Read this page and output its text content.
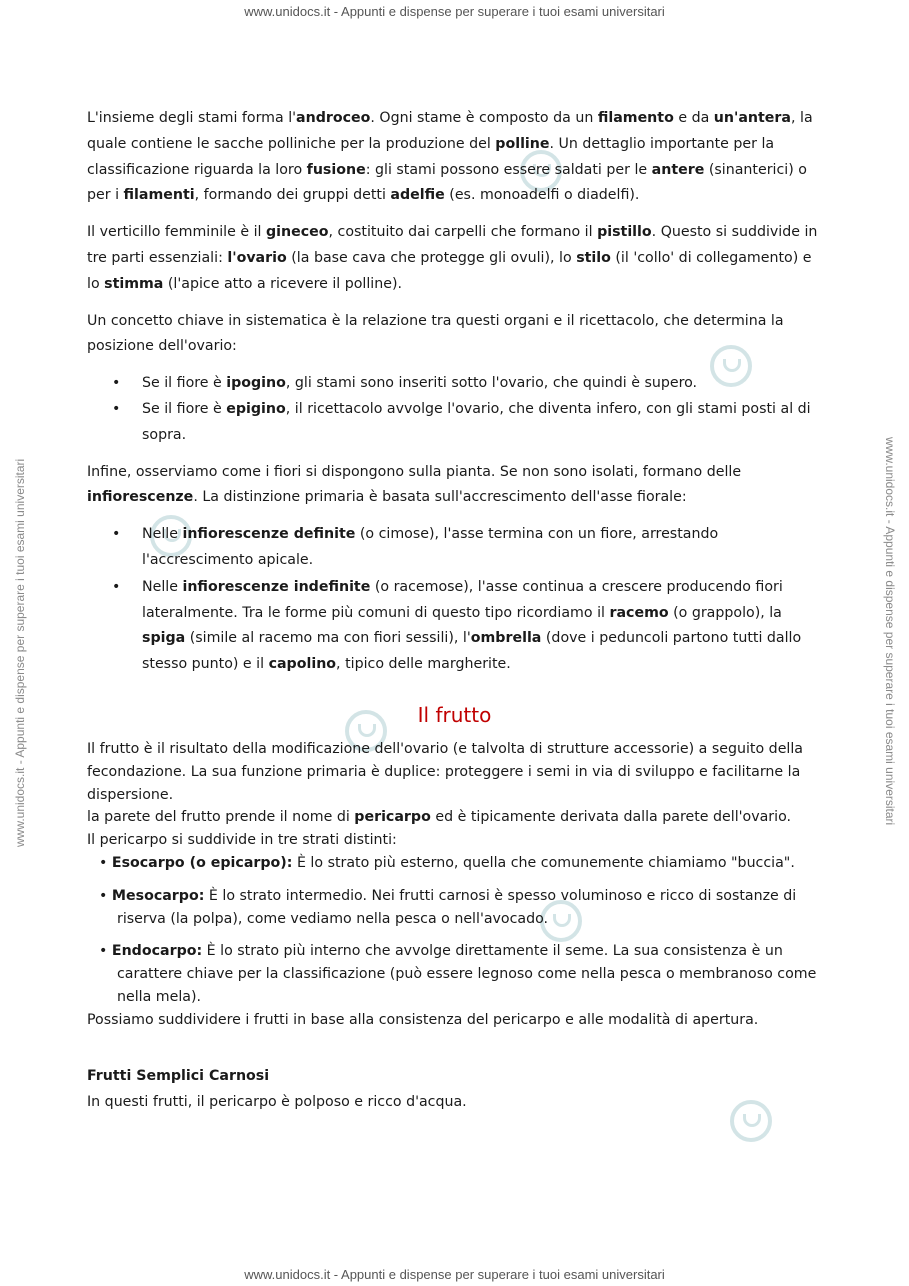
www.unidocs.it - Appunti e dispense per superare i tuoi esami universitari
www.unidocs.it - Appunti e dispense per superare i tuoi esami universitari
www.unidocs.it - Appunti e dispense per superare i tuoi esami universitari	www.unidocs.it - Appunti e dispense per superare i tuoi esami universitari

L'insieme degli stami forma l'androceo. Ogni stame è composto da un filamento e da un'antera, la quale contiene le sacche polliniche per la produzione del polline. Un dettaglio importante per la classificazione riguarda la loro fusione: gli stami possono essere saldati per le antere (sinanterici) o per i filamenti, formando dei gruppi detti adelfie (es. monoadelfi o diadelfi).

Il verticillo femminile è il gineceo, costituito dai carpelli che formano il pistillo. Questo si suddivide in tre parti essenziali: l'ovario (la base cava che protegge gli ovuli), lo stilo (il 'collo' di collegamento) e lo stimma (l'apice atto a ricevere il polline).

Un concetto chiave in sistematica è la relazione tra questi organi e il ricettacolo, che determina la posizione dell'ovario:

• Se il fiore è ipogino, gli stami sono inseriti sotto l'ovario, che quindi è supero.
• Se il fiore è epigino, il ricettacolo avvolge l'ovario, che diventa infero, con gli stami posti al di sopra.

Infine, osserviamo come i fiori si dispongono sulla pianta. Se non sono isolati, formano delle infiorescenze. La distinzione primaria è basata sull'accrescimento dell'asse fiorale:

• Nelle infiorescenze definite (o cimose), l'asse termina con un fiore, arrestando l'accrescimento apicale.
• Nelle infiorescenze indefinite (o racemose), l'asse continua a crescere producendo fiori lateralmente. Tra le forme più comuni di questo tipo ricordiamo il racemo (o grappolo), la spiga (simile al racemo ma con fiori sessili), l'ombrella (dove i peduncoli partono tutti dallo stesso punto) e il capolino, tipico delle margherite.
Il frutto

Il frutto è il risultato della modificazione dell'ovario (e talvolta di strutture accessorie) a seguito della fecondazione. La sua funzione primaria è duplice: proteggere i semi in via di sviluppo e facilitarne la dispersione.

la parete del frutto prende il nome di pericarpo ed è tipicamente derivata dalla parete dell'ovario.

Il pericarpo si suddivide in tre strati distinti:

• Esocarpo (o epicarpo): È lo strato più esterno, quella che comunemente chiamiamo "buccia".
• Mesocarpo: È lo strato intermedio. Nei frutti carnosi è spesso voluminoso e ricco di sostanze di riserva (la polpa), come vediamo nella pesca o nell'avocado.
• Endocarpo: È lo strato più interno che avvolge direttamente il seme. La sua consistenza è un carattere chiave per la classificazione (può essere legnoso come nella pesca o membranoso come nella mela).

Possiamo suddividere i frutti in base alla consistenza del pericarpo e alle modalità di apertura.

Frutti Semplici Carnosi

In questi frutti, il pericarpo è polposo e ricco d'acqua.
